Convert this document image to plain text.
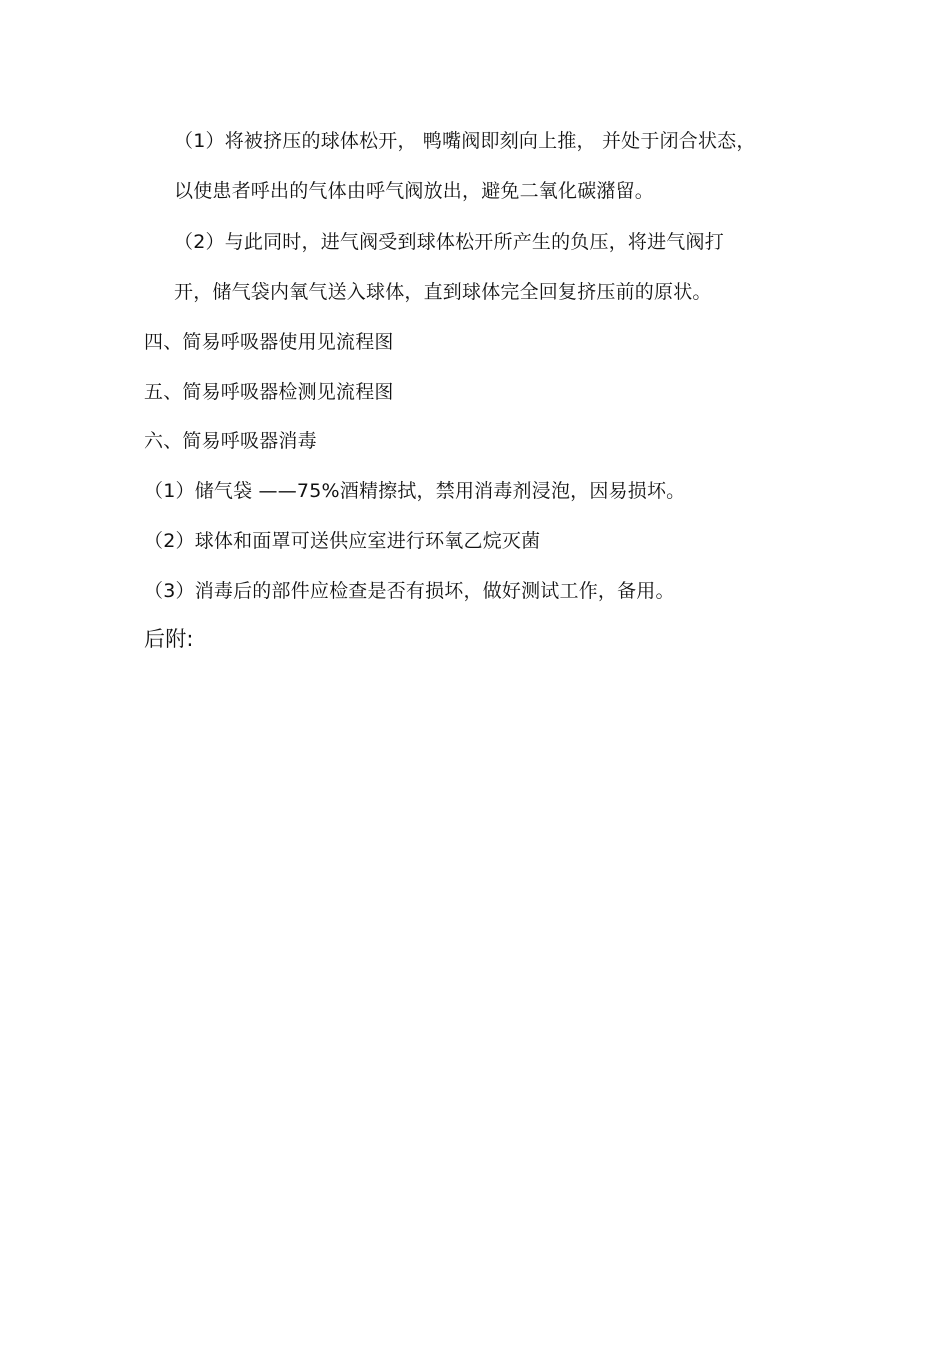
（1）将被挤压的球体松开， 鸭嘴阀即刻向上推， 并处于闭合状态，
以使患者呼出的气体由呼气阀放出，避免二氧化碳潴留。
（2）与此同时，进气阀受到球体松开所产生的负压，将进气阀打
开，储气袋内氧气送入球体，直到球体完全回复挤压前的原状。
四、简易呼吸器使用见流程图
五、简易呼吸器检测见流程图
六、简易呼吸器消毒
（1）储气袋 ——75%酒精擦拭，禁用消毒剂浸泡，因易损坏。
（2）球体和面罩可送供应室进行环氧乙烷灭菌
（3）消毒后的部件应检查是否有损坏，做好测试工作，备用。
后附:
